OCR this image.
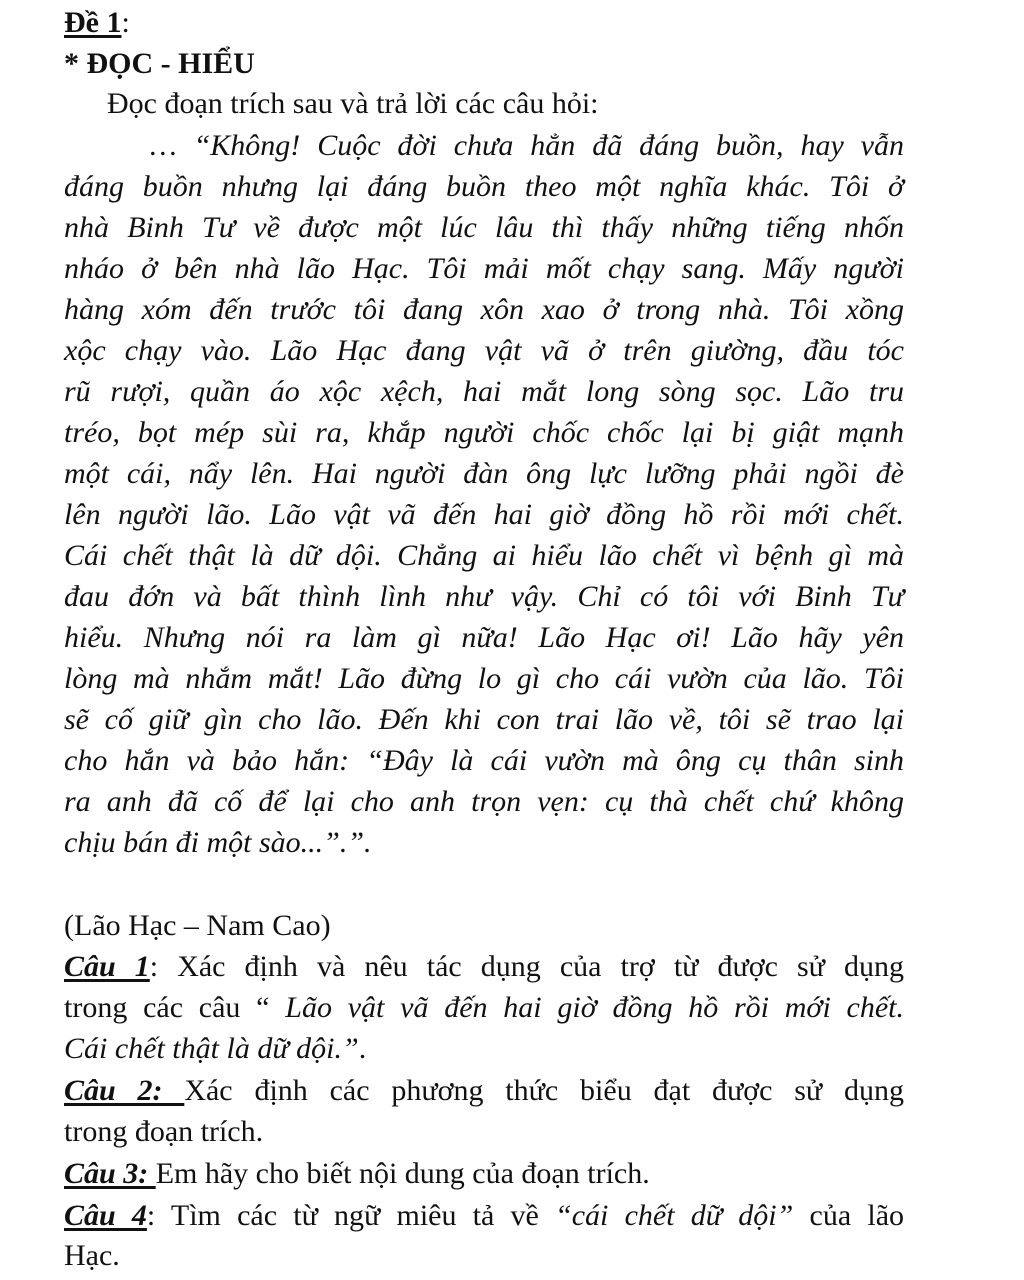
Đề 1:
* ĐỌC - HIỂU
Đọc đoạn trích sau và trả lời các câu hỏi:
… “Không! Cuộc đời chưa hẳn đã đáng buồn, hay vẫn
đáng buồn nhưng lại đáng buồn theo một nghĩa khác. Tôi ở
nhà Binh Tư về được một lúc lâu thì thấy những tiếng nhốn
nháo ở bên nhà lão Hạc. Tôi mải mốt chạy sang. Mấy người
hàng xóm đến trước tôi đang xôn xao ở trong nhà. Tôi xồng
xộc chạy vào. Lão Hạc đang vật vã ở trên giường, đầu tóc
rũ rượi, quần áo xộc xệch, hai mắt long sòng sọc. Lão tru
tréo, bọt mép sùi ra, khắp người chốc chốc lại bị giật mạnh
một cái, nẩy lên. Hai người đàn ông lực lưỡng phải ngồi đè
lên người lão. Lão vật vã đến hai giờ đồng hồ rồi mới chết.
Cái chết thật là dữ dội. Chẳng ai hiểu lão chết vì bệnh gì mà
đau đớn và bất thình lình như vậy. Chỉ có tôi với Binh Tư
hiểu. Nhưng nói ra làm gì nữa! Lão Hạc ơi! Lão hãy yên
lòng mà nhắm mắt! Lão đừng lo gì cho cái vườn của lão. Tôi
sẽ cố giữ gìn cho lão. Đến khi con trai lão về, tôi sẽ trao lại
cho hắn và bảo hắn: “Đây là cái vườn mà ông cụ thân sinh
ra anh đã cố để lại cho anh trọn vẹn: cụ thà chết chứ không
chịu bán đi một sào...”.”.
(Lão Hạc – Nam Cao)
Câu 1: Xác định và nêu tác dụng của trợ từ được sử dụng
trong các câu “ Lão vật vã đến hai giờ đồng hồ rồi mới chết.
Cái chết thật là dữ dội.”.
Câu 2: Xác định các phương thức biểu đạt được sử dụng
trong đoạn trích.
Câu 3: Em hãy cho biết nội dung của đoạn trích.
Câu 4: Tìm các từ ngữ miêu tả về “cái chết dữ dội” của lão
Hạc.
